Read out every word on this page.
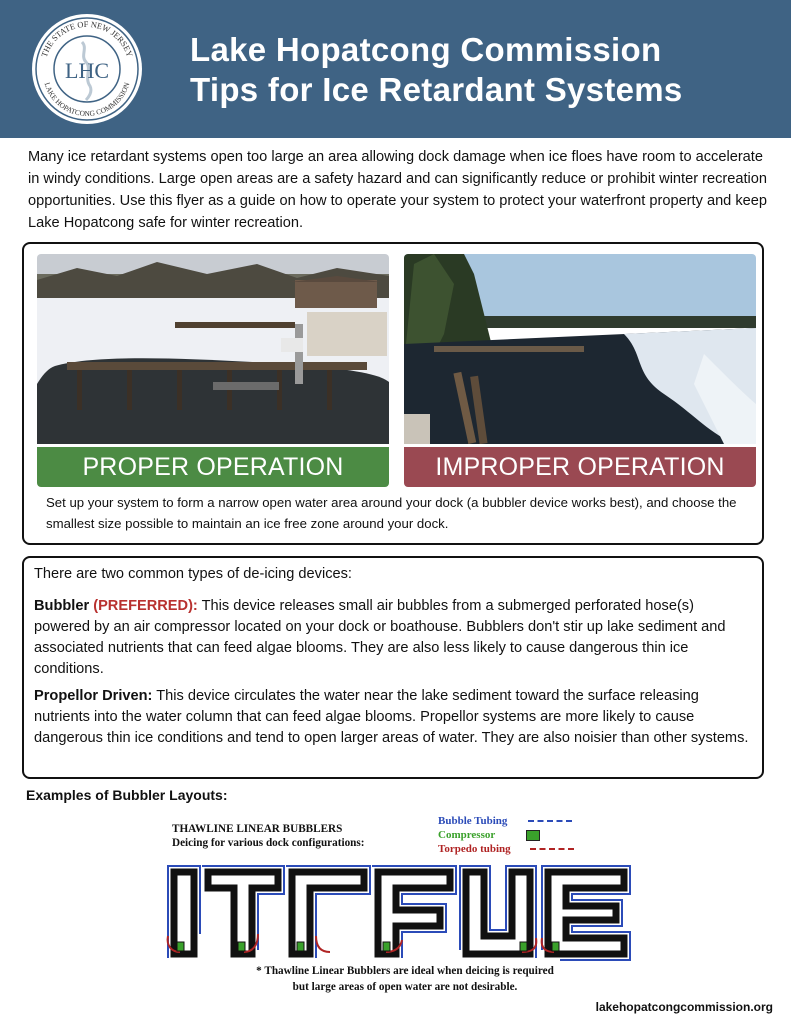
THE STATE OF NEW JERSEY
LAKE HOPATCONG COMMISSION
LHC
Lake Hopatcong Commission
Tips for Ice Retardant Systems
Many ice retardant systems open too large an area allowing dock damage when ice floes have room to accelerate in windy conditions. Large open areas are a safety hazard and can significantly reduce or prohibit winter recreation opportunities. Use this flyer as a guide on how to operate your system to protect your waterfront property and keep Lake Hopatcong safe for winter recreation.
PROPER OPERATION	IMPROPER OPERATION
Set up your system to form a narrow open water area around your dock (a bubbler device works best), and choose the smallest size possible to maintain an ice free zone around your dock.

There are two common types of de-icing devices:

Bubbler (PREFERRED): This device releases small air bubbles from a submerged perforated hose(s) powered by an air compressor located on your dock or boathouse. Bubblers don't stir up lake sediment and associated nutrients that can feed algae blooms. They are also less likely to cause dangerous thin ice conditions.

Propellor Driven: This device circulates the water near the lake sediment toward the surface releasing nutrients into the water column that can feed algae blooms. Propellor systems are more likely to cause dangerous thin ice conditions and tend to open larger areas of water. They are also noisier than other systems.

Examples of Bubbler Layouts:
THAWLINE LINEAR BUBBLERS
Deicing for various dock configurations:
Bubble Tubing
Compressor
Torpedo tubing
* Thawline Linear Bubblers are ideal when deicing is required
but large areas of open water are not desirable.
lakehopatcongcommission.org
